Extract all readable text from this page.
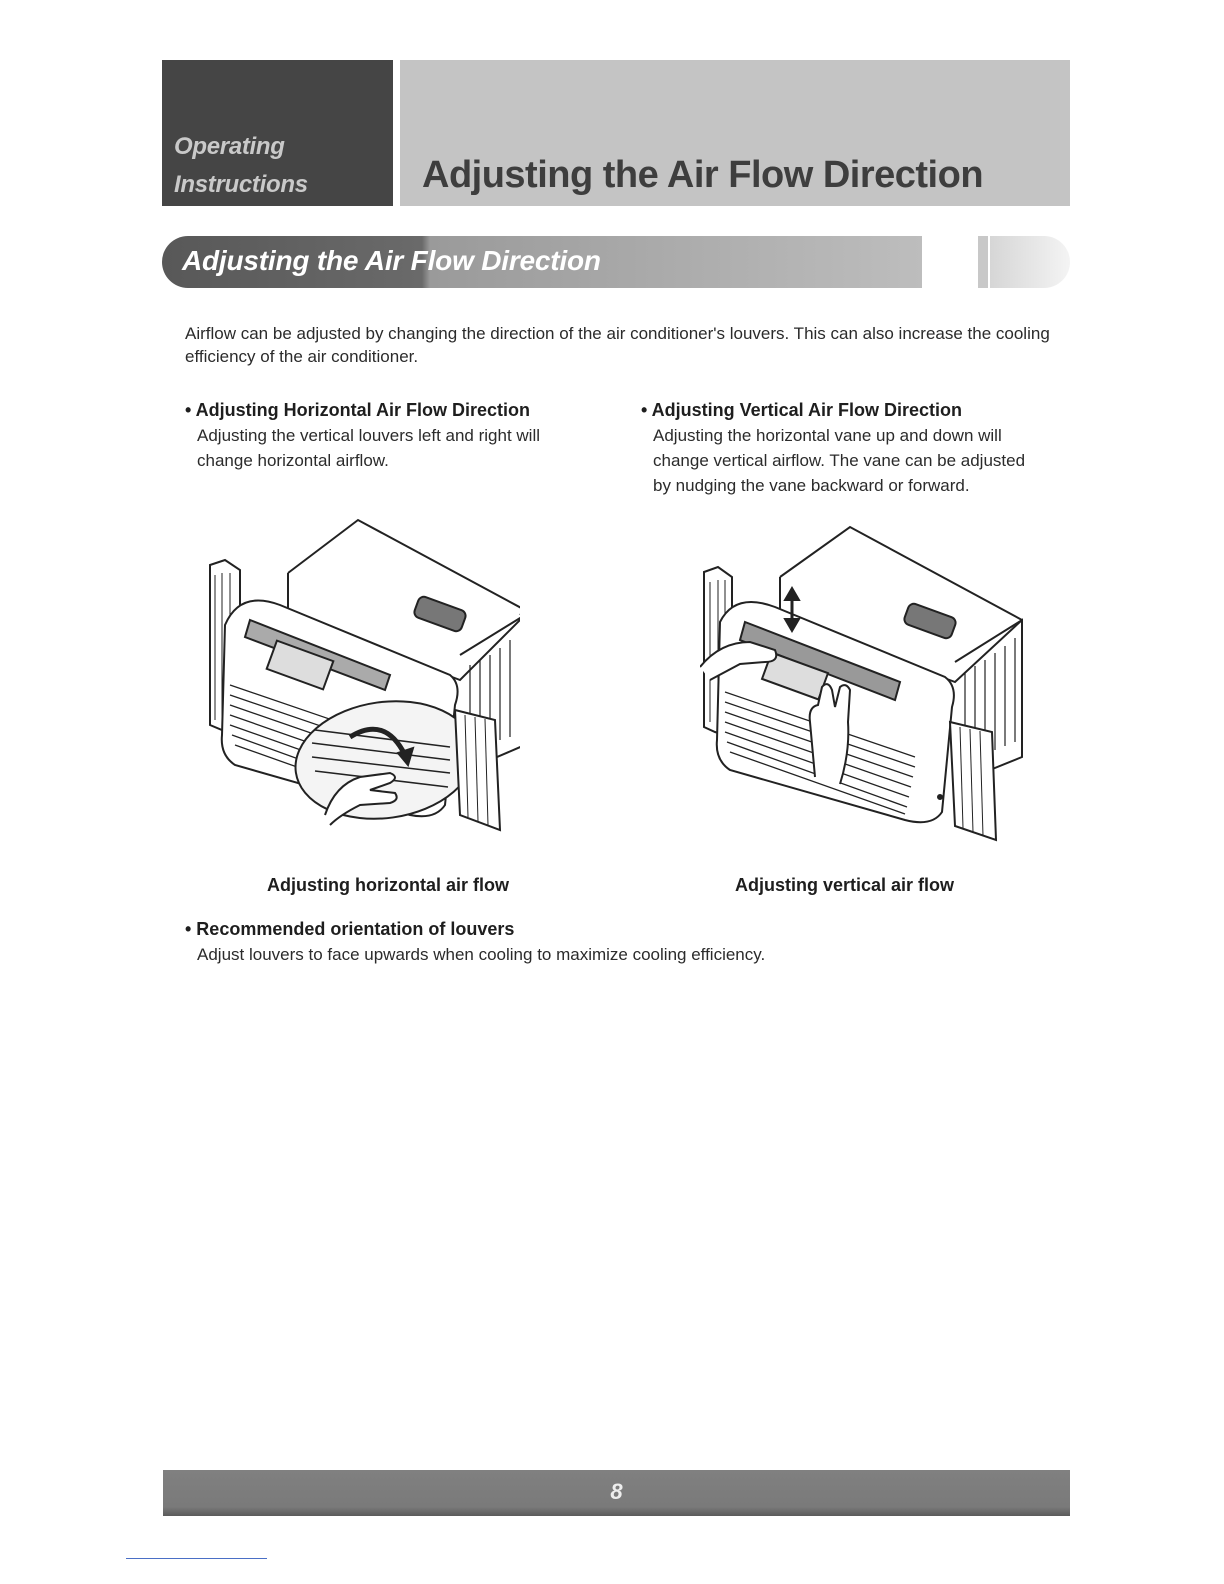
Operating
Instructions	Adjusting the Air Flow Direction
Adjusting the Air Flow Direction
Airflow can be adjusted by changing the direction of the air conditioner's louvers. This can also increase the cooling efficiency of the air conditioner.
• Adjusting Horizontal Air Flow Direction
Adjusting the vertical louvers left and right will
change horizontal airflow.
• Adjusting Vertical Air Flow Direction
Adjusting the horizontal vane up and down will
change vertical airflow. The vane can be adjusted
by nudging the vane backward or forward.
Adjusting horizontal air flow	Adjusting vertical air flow
• Recommended orientation of louvers
Adjust louvers to face upwards when cooling to maximize cooling efficiency.
8
